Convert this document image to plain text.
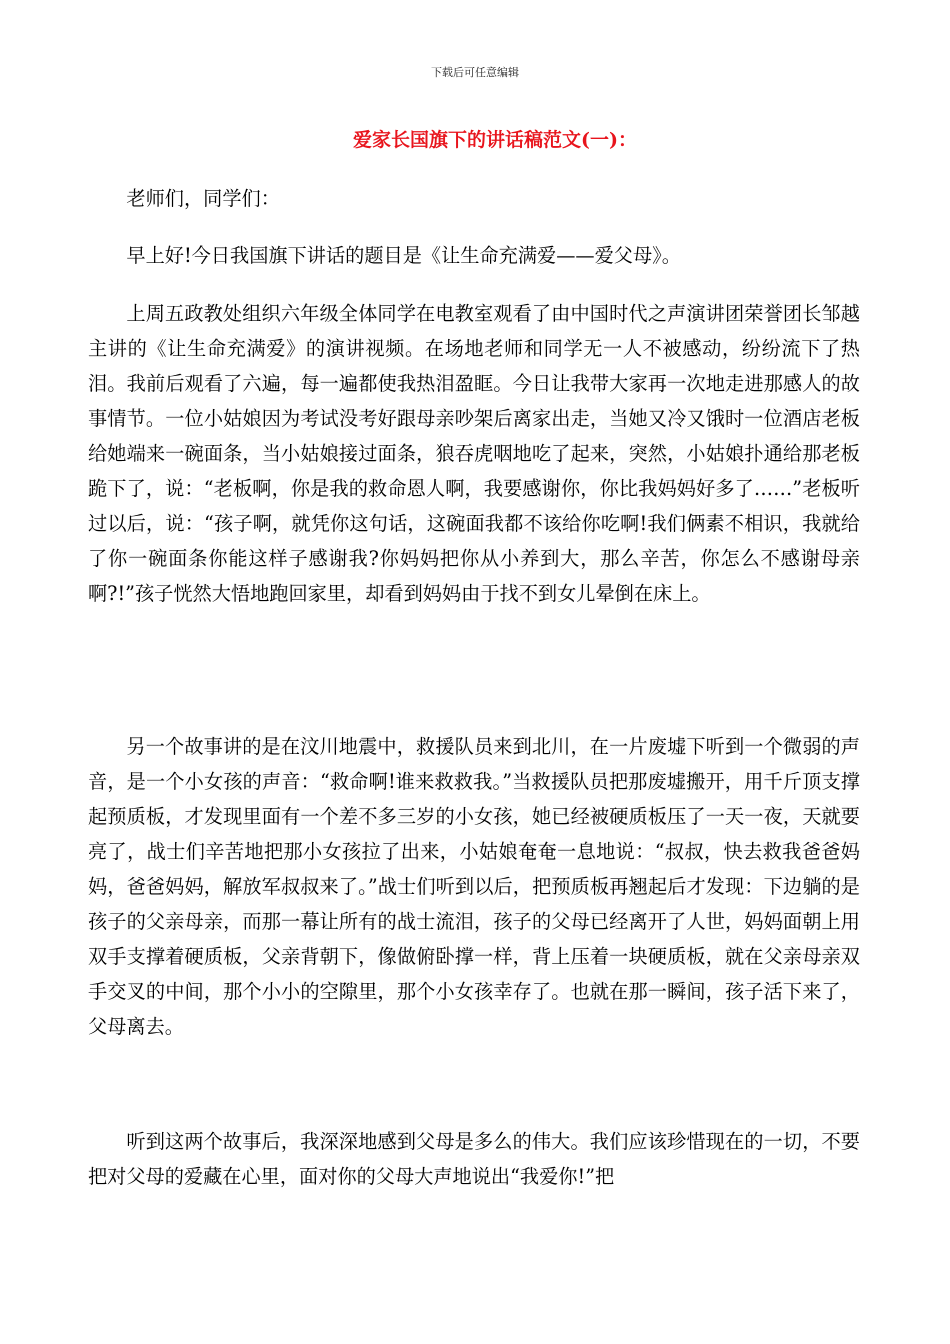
下载后可任意编辑
爱家长国旗下的讲话稿范文(一)：

老师们，同学们：

早上好!今日我国旗下讲话的题目是《让生命充满爱——爱父母》。

上周五政教处组织六年级全体同学在电教室观看了由中国时代之声演讲团荣誉团长邹越主讲的《让生命充满爱》的演讲视频。在场地老师和同学无一人不被感动，纷纷流下了热泪。我前后观看了六遍，每一遍都使我热泪盈眶。今日让我带大家再一次地走进那感人的故事情节。一位小姑娘因为考试没考好跟母亲吵架后离家出走，当她又冷又饿时一位酒店老板给她端来一碗面条，当小姑娘接过面条，狼吞虎咽地吃了起来，突然，小姑娘扑通给那老板跪下了，说：“老板啊，你是我的救命恩人啊，我要感谢你，你比我妈妈好多了……”老板听过以后，说：“孩子啊，就凭你这句话，这碗面我都不该给你吃啊!我们俩素不相识，我就给了你一碗面条你能这样子感谢我?你妈妈把你从小养到大，那么辛苦，你怎么不感谢母亲啊?!”孩子恍然大悟地跑回家里，却看到妈妈由于找不到女儿晕倒在床上。

另一个故事讲的是在汶川地震中，救援队员来到北川，在一片废墟下听到一个微弱的声音，是一个小女孩的声音：“救命啊!谁来救救我。”当救援队员把那废墟搬开，用千斤顶支撑起预质板，才发现里面有一个差不多三岁的小女孩，她已经被硬质板压了一天一夜，天就要亮了，战士们辛苦地把那小女孩拉了出来，小姑娘奄奄一息地说：“叔叔，快去救我爸爸妈妈，爸爸妈妈，解放军叔叔来了。”战士们听到以后，把预质板再翘起后才发现：下边躺的是孩子的父亲母亲，而那一幕让所有的战士流泪，孩子的父母已经离开了人世，妈妈面朝上用双手支撑着硬质板，父亲背朝下，像做俯卧撑一样，背上压着一块硬质板，就在父亲母亲双手交叉的中间，那个小小的空隙里，那个小女孩幸存了。也就在那一瞬间，孩子活下来了，父母离去。

听到这两个故事后，我深深地感到父母是多么的伟大。我们应该珍惜现在的一切，不要把对父母的爱藏在心里，面对你的父母大声地说出“我爱你!”把
